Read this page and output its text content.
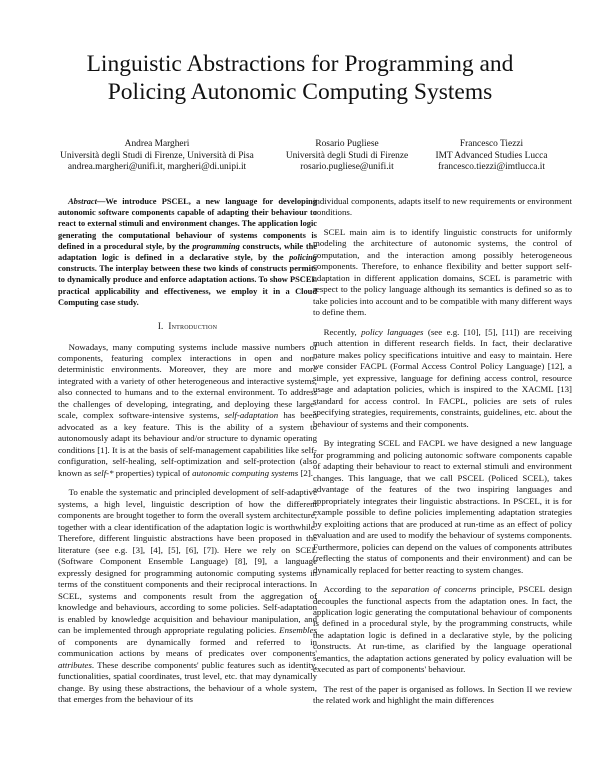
Linguistic Abstractions for Programming and
Policing Autonomic Computing Systems
Andrea Margheri
Università degli Studi di Firenze, Università di Pisa
andrea.margheri@unifi.it, margheri@di.unipi.it
Rosario Pugliese
Università degli Studi di Firenze
rosario.pugliese@unifi.it
Francesco Tiezzi
IMT Advanced Studies Lucca
francesco.tiezzi@imtlucca.it

Abstract—We introduce PSCEL, a new language for developing autonomic software components capable of adapting their behaviour to react to external stimuli and environment changes. The application logic generating the computational behaviour of systems components is defined in a procedural style, by the programming constructs, while the adaptation logic is defined in a declarative style, by the policing constructs. The interplay between these two kinds of constructs permits to dynamically produce and enforce adaptation actions. To show PSCEL practical applicability and effectiveness, we employ it in a Cloud Computing case study.

I. Introduction

Nowadays, many computing systems include massive numbers of components, featuring complex interactions in open and non-deterministic environments. Moreover, they are more and more integrated with a variety of other heterogeneous and interactive systems, also connected to humans and to the external environment. To address the challenges of developing, integrating, and deploying these large-scale, complex software-intensive systems, self-adaptation has been advocated as a key feature. This is the ability of a system to autonomously adapt its behaviour and/or structure to dynamic operating conditions [1]. It is at the basis of self-management capabilities like self-configuration, self-healing, self-optimization and self-protection (also known as self-* properties) typical of autonomic computing systems [2].

To enable the systematic and principled development of self-adaptive systems, a high level, linguistic description of how the different components are brought together to form the overall system architecture, together with a clear identification of the adaptation logic is worthwhile. Therefore, different linguistic abstractions have been proposed in the literature (see e.g. [3], [4], [5], [6], [7]). Here we rely on SCEL (Software Component Ensemble Language) [8], [9], a language expressly designed for programming autonomic computing systems in terms of the constituent components and their reciprocal interactions. In SCEL, systems and components result from the aggregation of knowledge and behaviours, according to some policies. Self-adaptation is enabled by knowledge acquisition and behaviour manipulation, and can be implemented through appropriate regulating policies. Ensembles of components are dynamically formed and referred to in communication actions by means of predicates over components' attributes. These describe components' public features such as identity, functionalities, spatial coordinates, trust level, etc. that may dynamically change. By using these abstractions, the behaviour of a whole system, that emerges from the behaviour of its

individual components, adapts itself to new requirements or environment conditions.

SCEL main aim is to identify linguistic constructs for uniformly modeling the architecture of autonomic systems, the control of computation, and the interaction among possibly heterogeneous components. Therefore, to enhance flexibility and better support self-adaptation in different application domains, SCEL is parametric with respect to the policy language although its semantics is defined so as to take policies into account and to be compatible with many different ways to define them.

Recently, policy languages (see e.g. [10], [5], [11]) are receiving much attention in different research fields. In fact, their declarative nature makes policy specifications intuitive and easy to maintain. Here we consider FACPL (Formal Access Control Policy Language) [12], a simple, yet expressive, language for defining access control, resource usage and adaptation policies, which is inspired to the XACML [13] standard for access control. In FACPL, policies are sets of rules specifying strategies, requirements, constraints, guidelines, etc. about the behaviour of systems and their components.

By integrating SCEL and FACPL we have designed a new language for programming and policing autonomic software components capable of adapting their behaviour to react to external stimuli and environment changes. This language, that we call PSCEL (Policed SCEL), takes advantage of the features of the two inspiring languages and appropriately integrates their linguistic abstractions. In PSCEL, it is for example possible to define policies implementing adaptation strategies by exploiting actions that are produced at run-time as an effect of policy evaluation and are used to modify the behaviour of systems components. Furthermore, policies can depend on the values of components attributes (reflecting the status of components and their environment) and can be dynamically replaced for better reacting to system changes.

According to the separation of concerns principle, PSCEL design decouples the functional aspects from the adaptation ones. In fact, the application logic generating the computational behaviour of components is defined in a procedural style, by the programming constructs, while the adaptation logic is defined in a declarative style, by the policing constructs. At run-time, as clarified by the language operational semantics, the adaptation actions generated by policy evaluation will be executed as part of components' behaviour.

The rest of the paper is organised as follows. In Section II we review the related work and highlight the main differences
